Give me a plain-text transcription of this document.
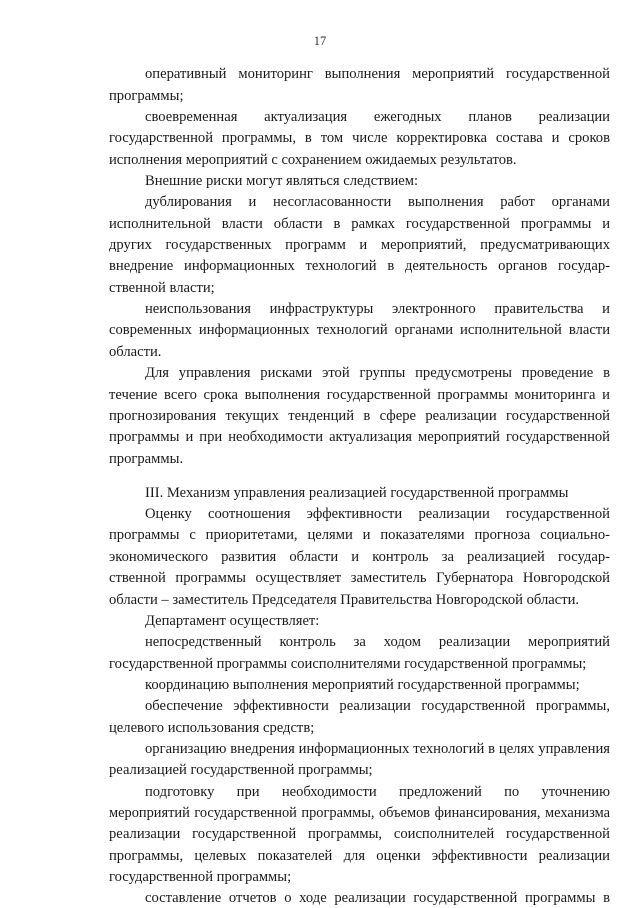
17
оперативный мониторинг выполнения мероприятий государственной
программы;
своевременная актуализация ежегодных планов реализации
государственной программы, в том числе корректировка состава и сроков
исполнения мероприятий с сохранением ожидаемых результатов.
Внешние риски могут являться следствием:
дублирования и несогласованности выполнения работ органами
исполнительной власти области в рамках государственной программы и
других государственных программ и мероприятий, предусматривающих
внедрение информационных технологий в деятельность органов государ-
ственной власти;
неиспользования инфраструктуры электронного правительства и
современных информационных технологий органами исполнительной власти
области.
Для управления рисками этой группы предусмотрены проведение в
течение всего срока выполнения государственной программы мониторинга и
прогнозирования текущих тенденций в сфере реализации государственной
программы и при необходимости актуализация мероприятий государственной
программы.
III. Механизм управления реализацией государственной программы
Оценку соотношения эффективности реализации государственной
программы с приоритетами, целями и показателями прогноза социально-
экономического развития области и контроль за реализацией государ-
ственной программы осуществляет заместитель Губернатора Новгородской
области – заместитель Председателя Правительства Новгородской области.
Департамент осуществляет:
непосредственный контроль за ходом реализации мероприятий
государственной программы соисполнителями государственной программы;
координацию выполнения мероприятий государственной программы;
обеспечение эффективности реализации государственной программы,
целевого использования средств;
организацию внедрения информационных технологий в целях управления
реализацией государственной программы;
подготовку при необходимости предложений по уточнению
мероприятий государственной программы, объемов финансирования, механизма
реализации государственной программы, соисполнителей государственной
программы, целевых показателей для оценки эффективности реализации
государственной программы;
составление отчетов о ходе реализации государственной программы в
